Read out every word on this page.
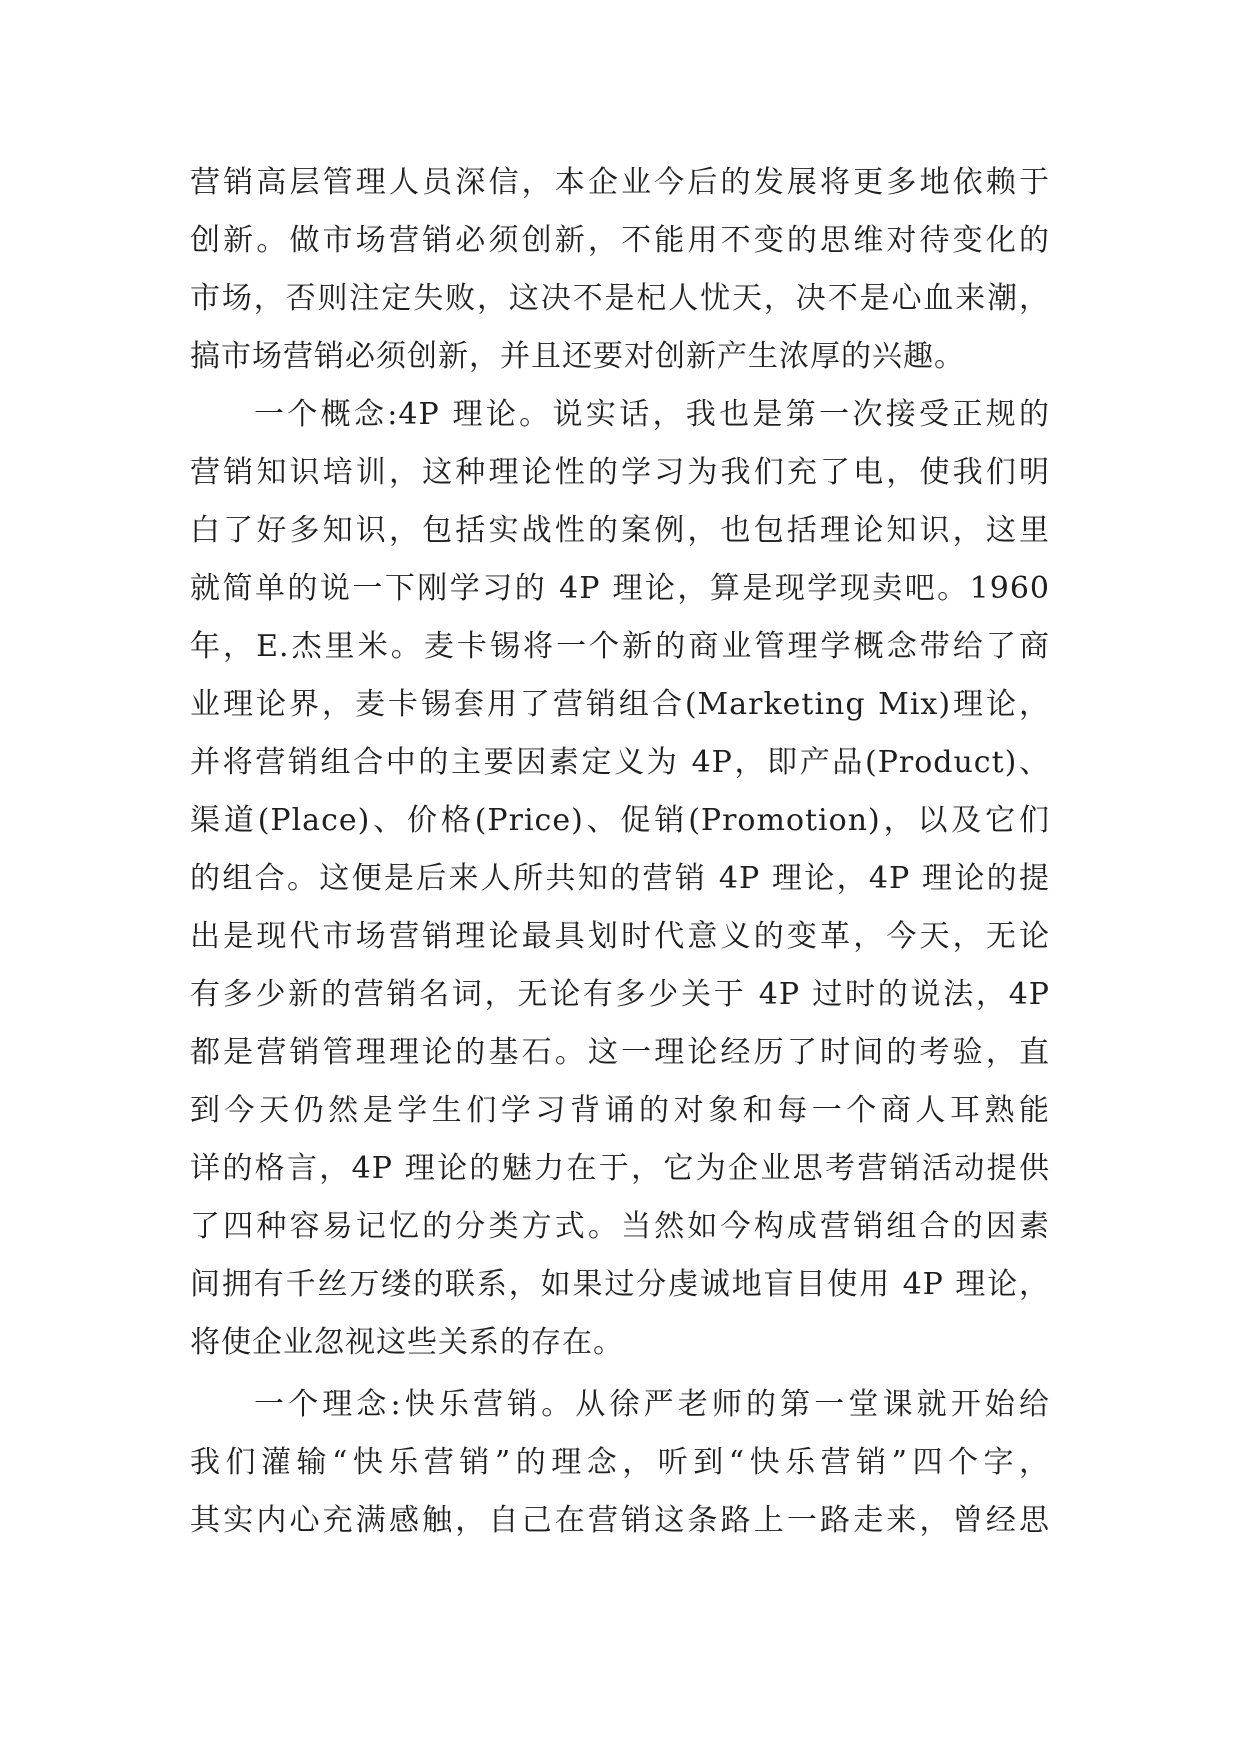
营销高层管理人员深信，本企业今后的发展将更多地依赖于
创新。做市场营销必须创新，不能用不变的思维对待变化的
市场，否则注定失败，这决不是杞人忧天，决不是心血来潮，
搞市场营销必须创新，并且还要对创新产生浓厚的兴趣。
一个概念:4P 理论。说实话，我也是第一次接受正规的
营销知识培训，这种理论性的学习为我们充了电，使我们明
白了好多知识，包括实战性的案例，也包括理论知识，这里
就简单的说一下刚学习的 4P 理论，算是现学现卖吧。1960
年，E.杰里米。麦卡锡将一个新的商业管理学概念带给了商
业理论界，麦卡锡套用了营销组合(Marketing Mix)理论，
并将营销组合中的主要因素定义为 4P，即产品(Product)、
渠道(Place)、价格(Price)、促销(Promotion)，以及它们
的组合。这便是后来人所共知的营销 4P 理论，4P 理论的提
出是现代市场营销理论最具划时代意义的变革，今天，无论
有多少新的营销名词，无论有多少关于 4P 过时的说法，4P
都是营销管理理论的基石。这一理论经历了时间的考验，直
到今天仍然是学生们学习背诵的对象和每一个商人耳熟能
详的格言，4P 理论的魅力在于，它为企业思考营销活动提供
了四种容易记忆的分类方式。当然如今构成营销组合的因素
间拥有千丝万缕的联系，如果过分虔诚地盲目使用 4P 理论，
将使企业忽视这些关系的存在。
一个理念:快乐营销。从徐严老师的第一堂课就开始给
我们灌输“快乐营销”的理念，听到“快乐营销”四个字，
其实内心充满感触，自己在营销这条路上一路走来，曾经思
